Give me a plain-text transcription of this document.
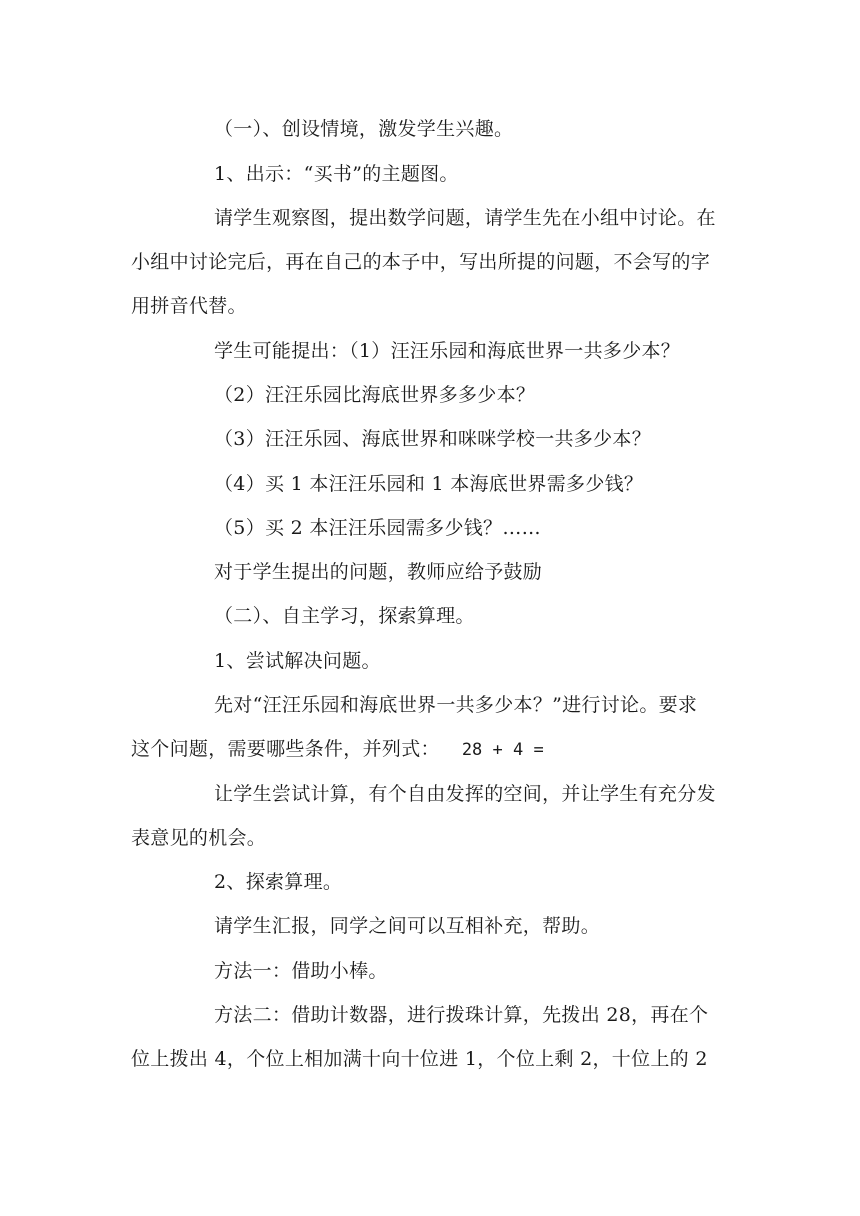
（一）、创设情境，激发学生兴趣。
1、出示：“买书”的主题图。
请学生观察图，提出数学问题，请学生先在小组中讨论。在
小组中讨论完后，再在自己的本子中，写出所提的问题，不会写的字
用拼音代替。
学生可能提出：（1）汪汪乐园和海底世界一共多少本？
（2）汪汪乐园比海底世界多多少本？
（3）汪汪乐园、海底世界和咪咪学校一共多少本？
（4）买 1 本汪汪乐园和 1 本海底世界需多少钱？
（5）买 2 本汪汪乐园需多少钱？……
对于学生提出的问题，教师应给予鼓励
（二）、自主学习，探索算理。
1、尝试解决问题。
先对“汪汪乐园和海底世界一共多少本？”进行讨论。要求
这个问题，需要哪些条件，并列式： 28 + 4 =
让学生尝试计算，有个自由发挥的空间，并让学生有充分发
表意见的机会。
2、探索算理。
请学生汇报，同学之间可以互相补充，帮助。
方法一：借助小棒。
方法二：借助计数器，进行拨珠计算，先拨出 28，再在个
位上拨出 4，个位上相加满十向十位进 1，个位上剩 2，十位上的 2
